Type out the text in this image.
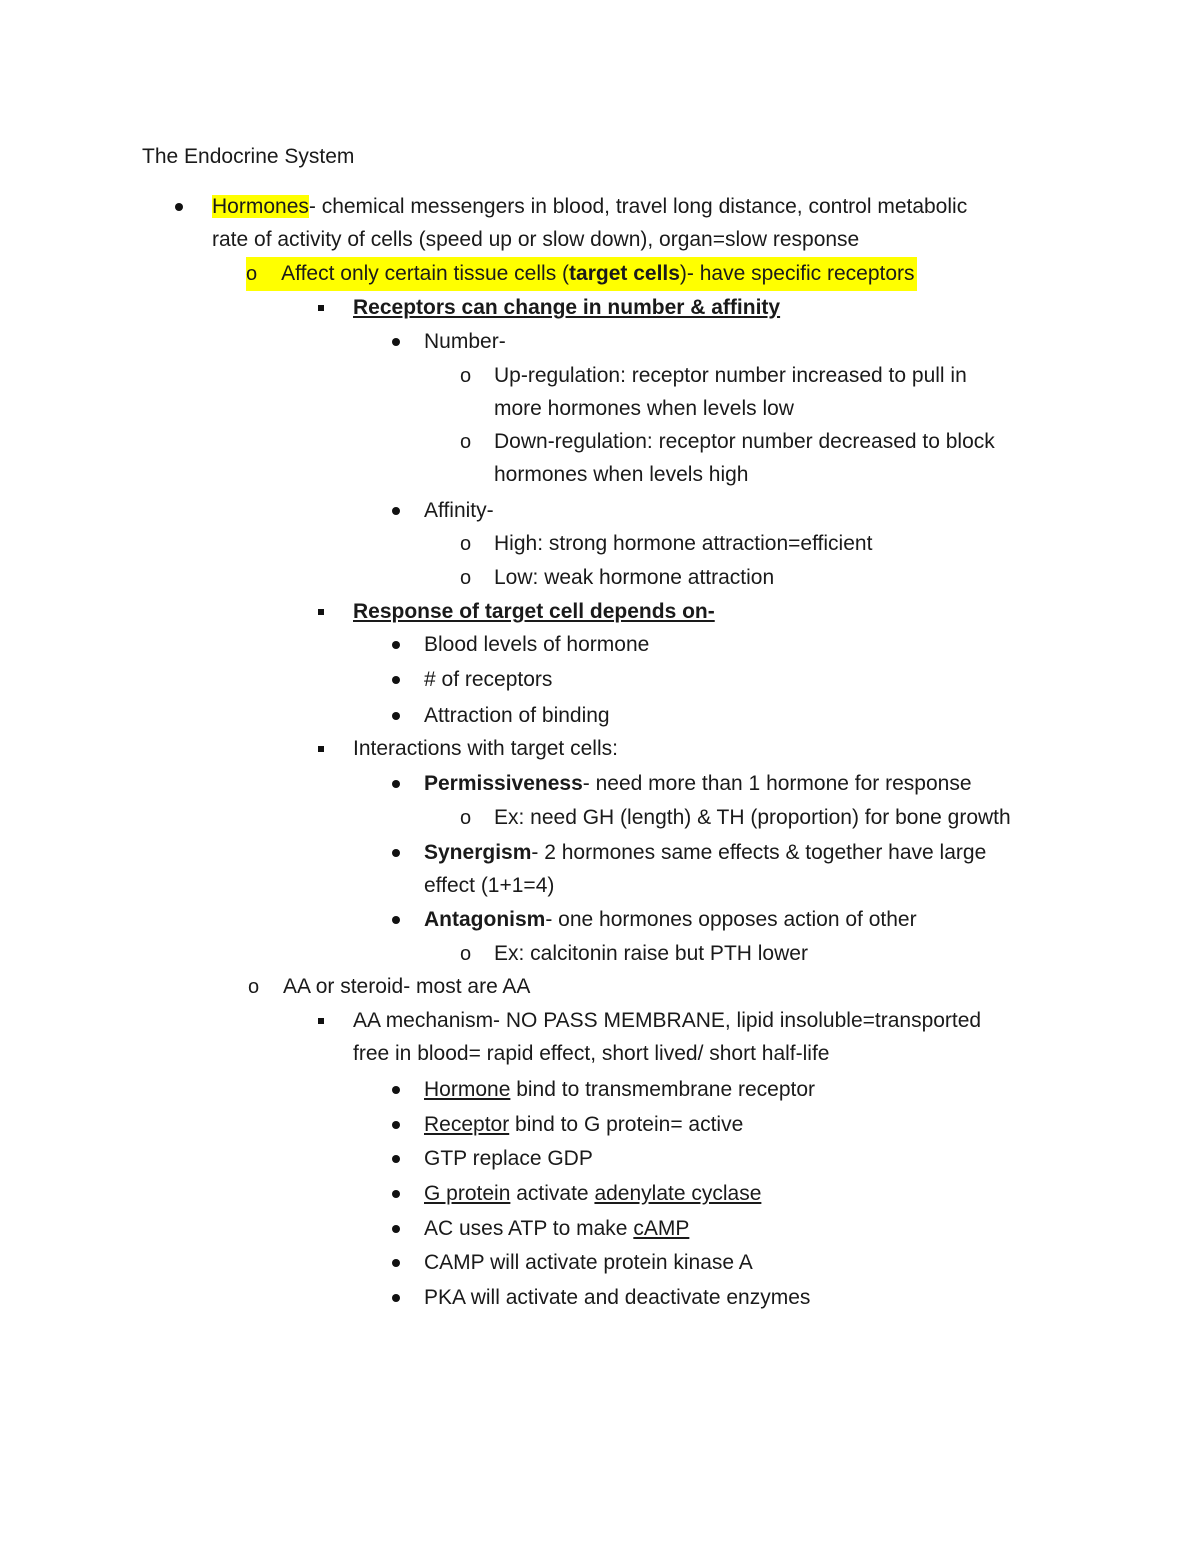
The Endocrine System
Hormones- chemical messengers in blood, travel long distance, control metabolic
rate of activity of cells (speed up or slow down), organ=slow response
o Affect only certain tissue cells (target cells)- have specific receptors
Receptors can change in number & affinity
Number-
o Up-regulation: receptor number increased to pull in
more hormones when levels low
o Down-regulation: receptor number decreased to block
hormones when levels high
Affinity-
o High: strong hormone attraction=efficient
o Low: weak hormone attraction
Response of target cell depends on-
Blood levels of hormone
# of receptors
Attraction of binding
Interactions with target cells:
Permissiveness- need more than 1 hormone for response
o Ex: need GH (length) & TH (proportion) for bone growth
Synergism- 2 hormones same effects & together have large
effect (1+1=4)
Antagonism- one hormones opposes action of other
o Ex: calcitonin raise but PTH lower
o AA or steroid- most are AA
AA mechanism- NO PASS MEMBRANE, lipid insoluble=transported
free in blood= rapid effect, short lived/ short half-life
Hormone bind to transmembrane receptor
Receptor bind to G protein= active
GTP replace GDP
G protein activate adenylate cyclase
AC uses ATP to make cAMP
CAMP will activate protein kinase A
PKA will activate and deactivate enzymes
